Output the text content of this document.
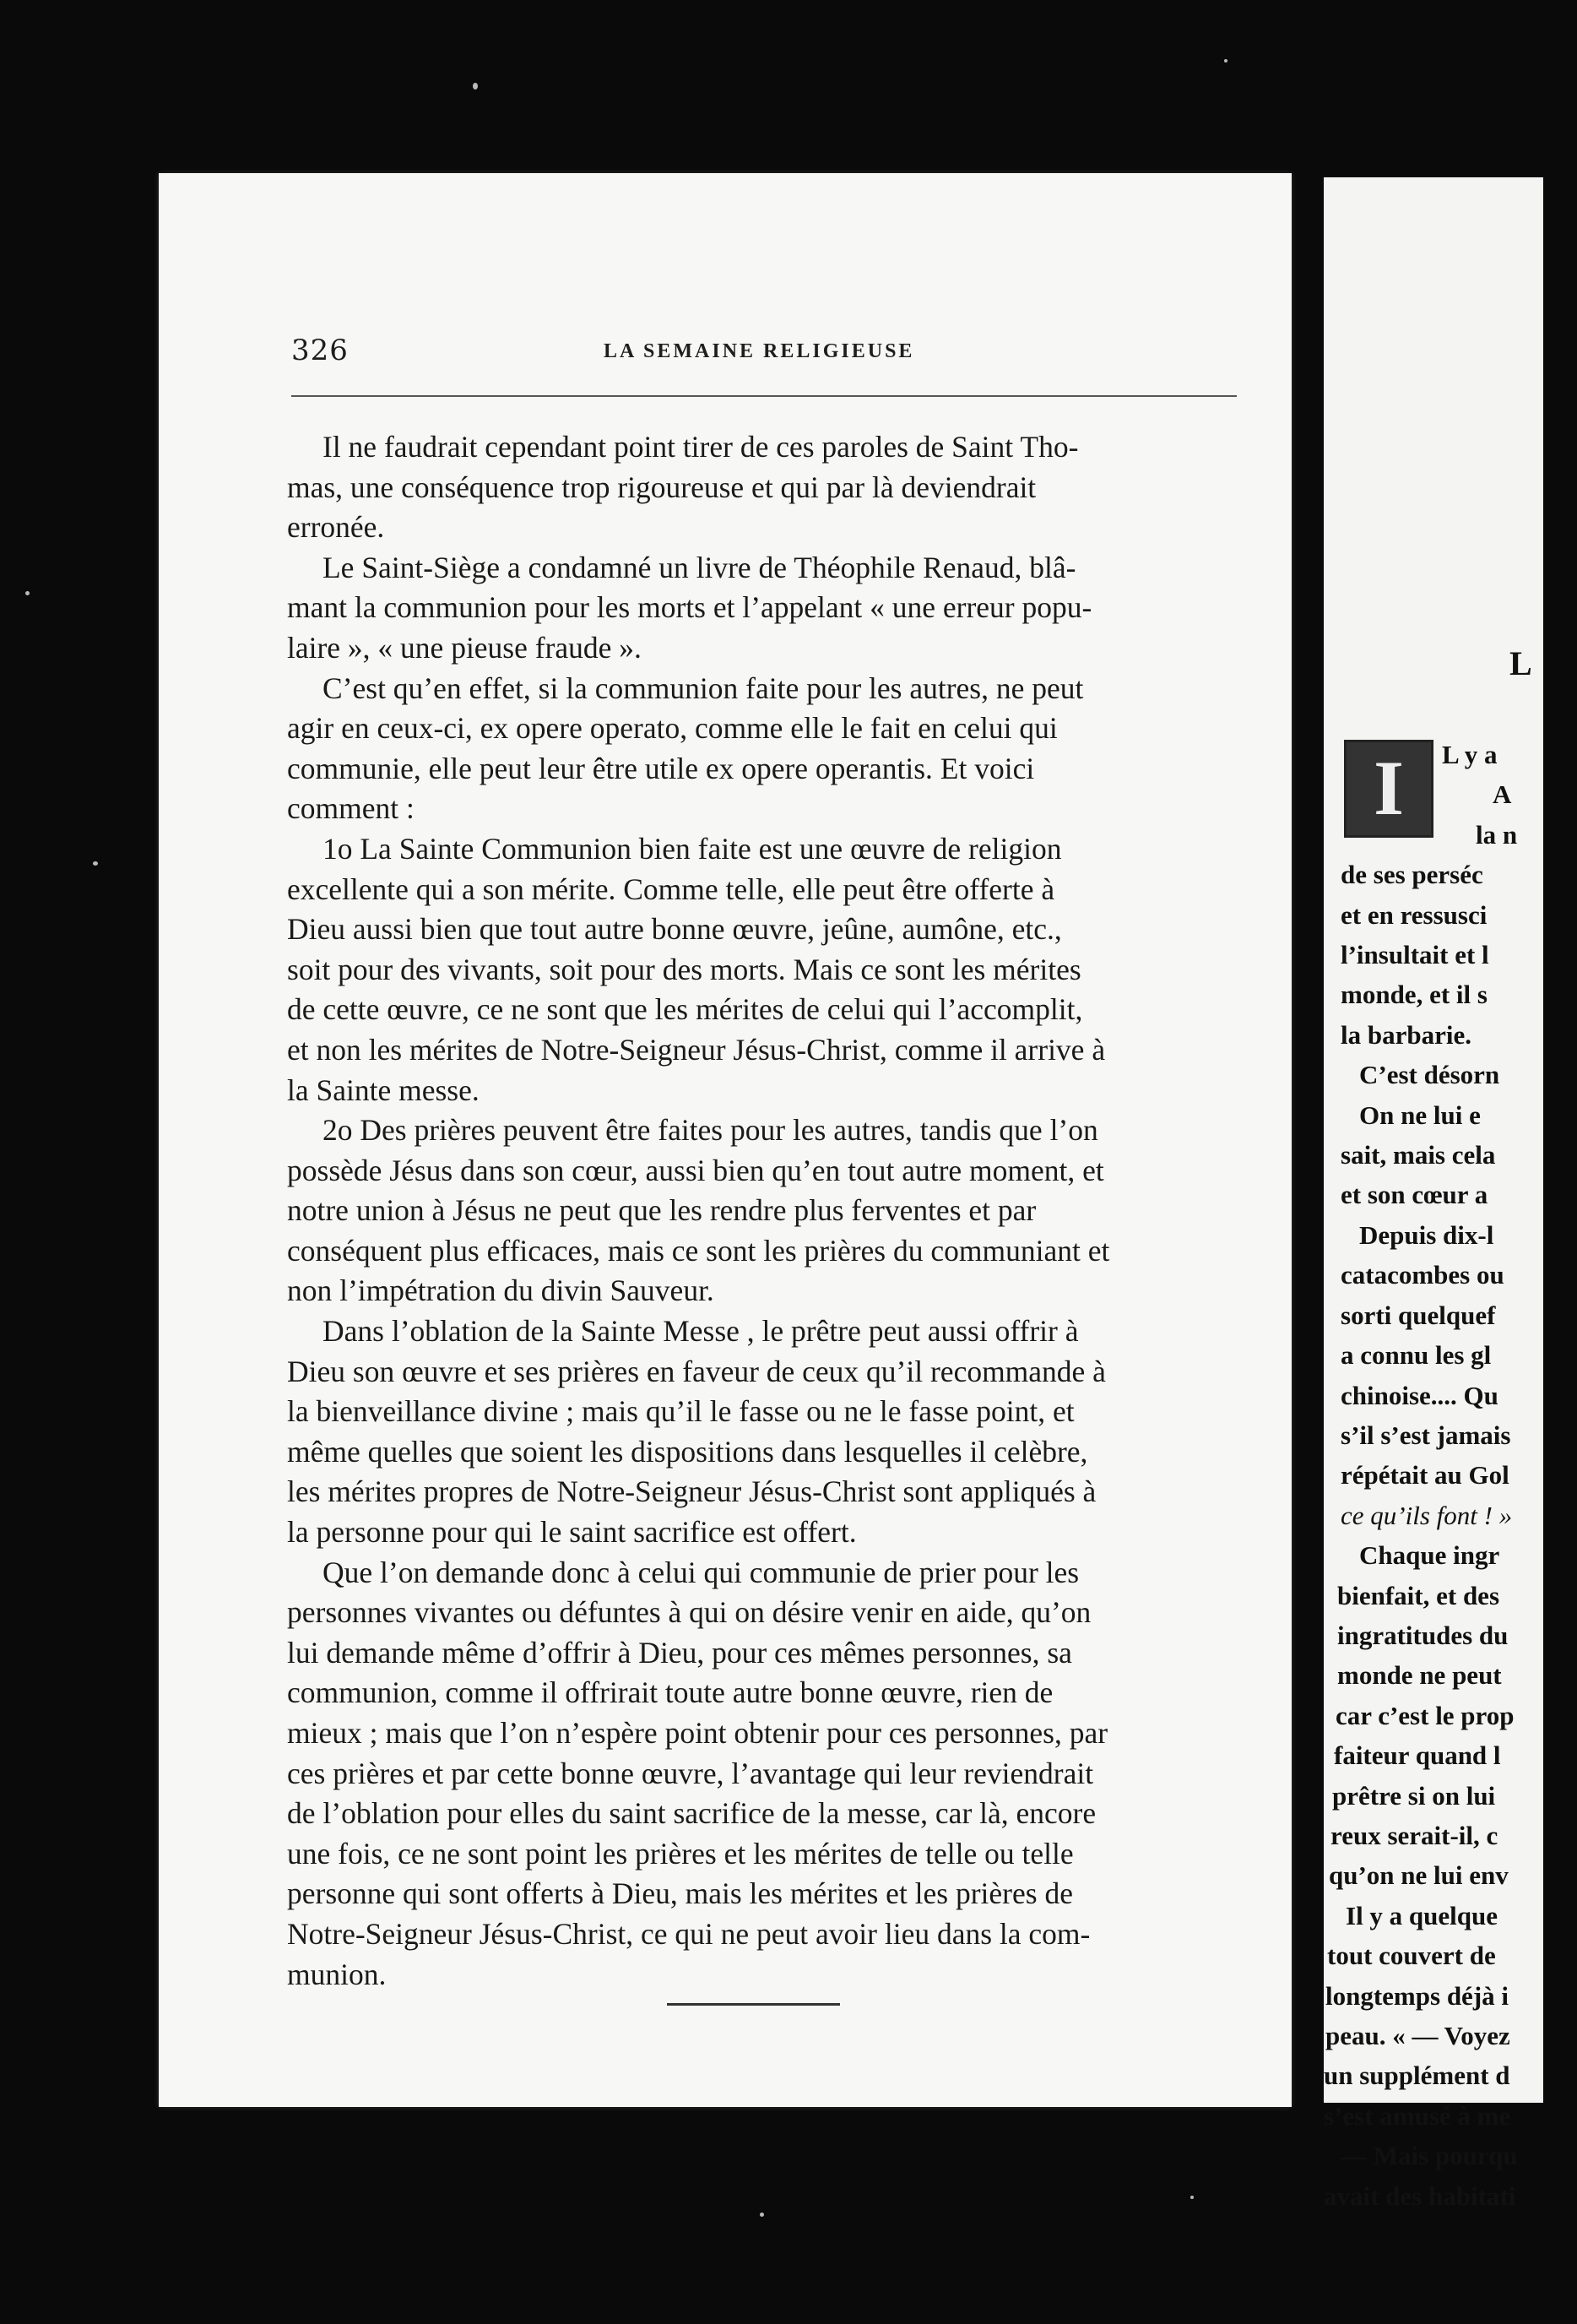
326	LA SEMAINE RELIGIEUSE
Il ne faudrait cependant point tirer de ces paroles de Saint Tho-
mas, une conséquence trop rigoureuse et qui par là deviendrait
erronée.
Le Saint-Siège a condamné un livre de Théophile Renaud, blâ-
mant la communion pour les morts et l’appelant « une erreur popu-
laire », « une pieuse fraude ».
C’est qu’en effet, si la communion faite pour les autres, ne peut
agir en ceux-ci, ex opere operato, comme elle le fait en celui qui
communie, elle peut leur être utile ex opere operantis. Et voici
comment :
1o La Sainte Communion bien faite est une œuvre de religion
excellente qui a son mérite. Comme telle, elle peut être offerte à
Dieu aussi bien que tout autre bonne œuvre, jeûne, aumône, etc.,
soit pour des vivants, soit pour des morts. Mais ce sont les mérites
de cette œuvre, ce ne sont que les mérites de celui qui l’accomplit,
et non les mérites de Notre-Seigneur Jésus-Christ, comme il arrive à
la Sainte messe.
2o Des prières peuvent être faites pour les autres, tandis que l’on
possède Jésus dans son cœur, aussi bien qu’en tout autre moment, et
notre union à Jésus ne peut que les rendre plus ferventes et par
conséquent plus efficaces, mais ce sont les prières du communiant et
non l’impétration du divin Sauveur.
Dans l’oblation de la Sainte Messe , le prêtre peut aussi offrir à
Dieu son œuvre et ses prières en faveur de ceux qu’il recommande à
la bienveillance divine ; mais qu’il le fasse ou ne le fasse point, et
même quelles que soient les dispositions dans lesquelles il celèbre,
les mérites propres de Notre-Seigneur Jésus-Christ sont appliqués à
la personne pour qui le saint sacrifice est offert.
Que l’on demande donc à celui qui communie de prier pour les
personnes vivantes ou défuntes à qui on désire venir en aide, qu’on
lui demande même d’offrir à Dieu, pour ces mêmes personnes, sa
communion, comme il offrirait toute autre bonne œuvre, rien de
mieux ; mais que l’on n’espère point obtenir pour ces personnes, par
ces prières et par cette bonne œuvre, l’avantage qui leur reviendrait
de l’oblation pour elles du saint sacrifice de la messe, car là, encore
une fois, ce ne sont point les prières et les mérites de telle ou telle
personne qui sont offerts à Dieu, mais les mérites et les prières de
Notre-Seigneur Jésus-Christ, ce qui ne peut avoir lieu dans la com-
munion.
L
I	L y a
A
la n
de ses perséc
et en ressusci
l’insultait et l
monde, et il s
la barbarie.
C’est désorn
On ne lui e
sait, mais cela
et son cœur a
Depuis dix-l
catacombes ou
sorti quelquef
a connu les gl
chinoise.... Qu
s’il s’est jamais
répétait au Gol
ce qu’ils font ! »
Chaque ingr
bienfait, et des
ingratitudes du
monde ne peut
car c’est le prop
faiteur quand l
prêtre si on lui
reux serait-il, c
qu’on ne lui env
Il y a quelque
tout couvert de
longtemps déjà i
peau. « — Voyez
un supplément d
s’est amusé à me
— Mais pourqu
avait des habitati
